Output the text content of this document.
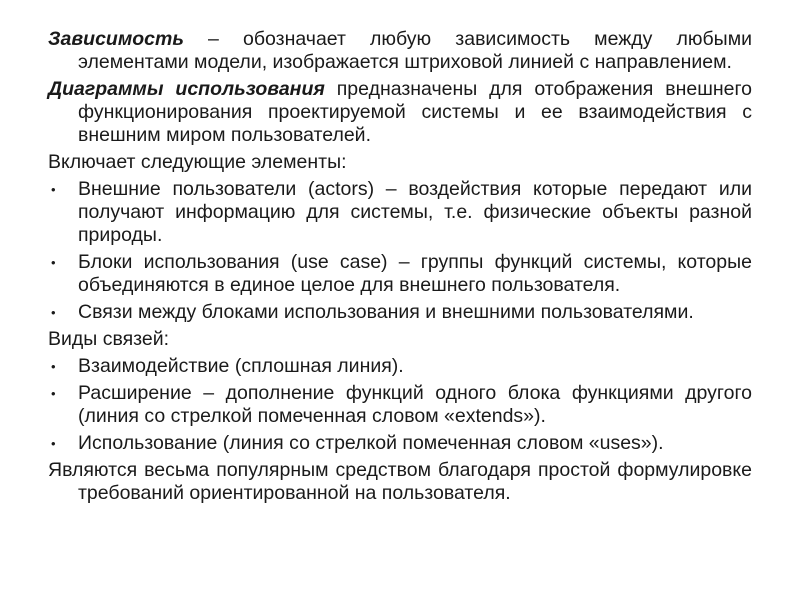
Зависимость – обозначает любую зависимость между любыми элементами модели, изображается штриховой линией с направлением.

Диаграммы использования предназначены для отображения внешнего функционирования проектируемой системы и ее взаимодействия с внешним миром пользователей.

Включает следующие элементы:

•	Внешние пользователи (actors) – воздействия которые передают или получают информацию для системы, т.е. физические объекты разной природы.
•	Блоки использования (use case) – группы функций системы, которые объединяются в единое целое для внешнего пользователя.
•	Связи между блоками использования и внешними пользователями.

Виды связей:

•	Взаимодействие (сплошная линия).
•	Расширение – дополнение функций одного блока функциями другого (линия со стрелкой помеченная словом «extends»).
•	Использование (линия со стрелкой помеченная словом «uses»).

Являются весьма популярным средством благодаря простой формулировке требований ориентированной на пользователя.
